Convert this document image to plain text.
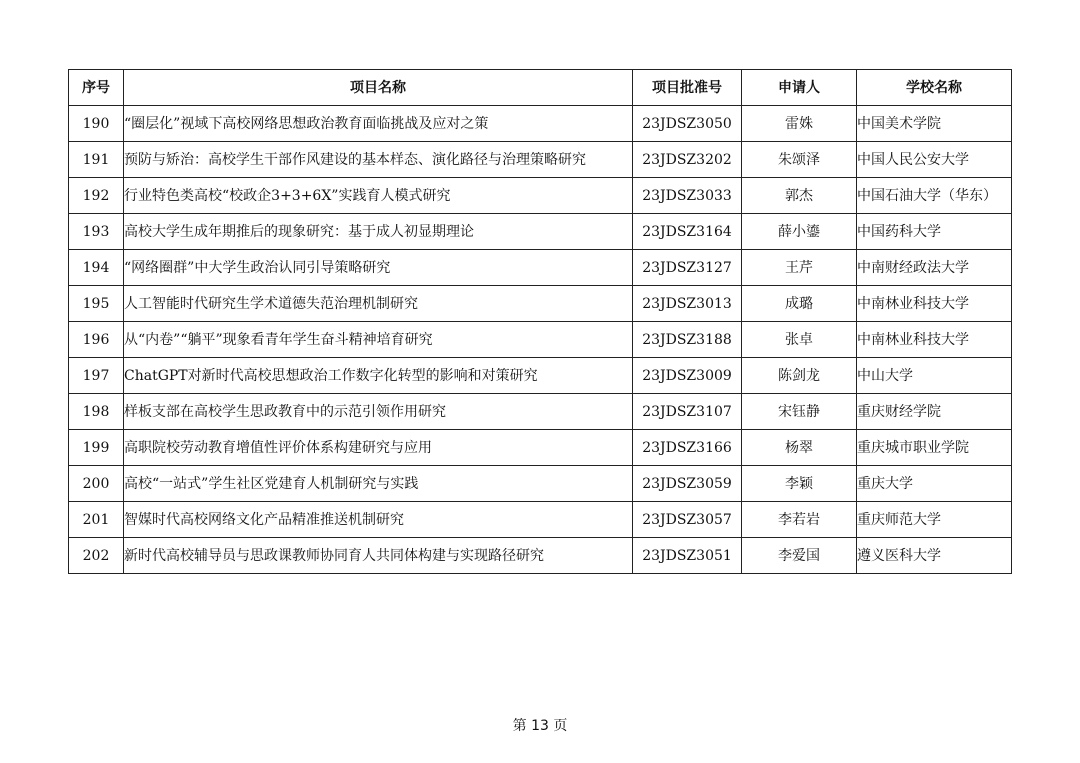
序号	项目名称	项目批准号	申请人	学校名称
190	“圈层化”视域下高校网络思想政治教育面临挑战及应对之策	23JDSZ3050	雷姝	中国美术学院
191	预防与矫治：高校学生干部作风建设的基本样态、演化路径与治理策略研究	23JDSZ3202	朱颂泽	中国人民公安大学
192	行业特色类高校“校政企3+3+6X”实践育人模式研究	23JDSZ3033	郭杰	中国石油大学（华东）
193	高校大学生成年期推后的现象研究：基于成人初显期理论	23JDSZ3164	薛小鎏	中国药科大学
194	“网络圈群”中大学生政治认同引导策略研究	23JDSZ3127	王芹	中南财经政法大学
195	人工智能时代研究生学术道德失范治理机制研究	23JDSZ3013	成璐	中南林业科技大学
196	从“内卷”“躺平”现象看青年学生奋斗精神培育研究	23JDSZ3188	张卓	中南林业科技大学
197	ChatGPT对新时代高校思想政治工作数字化转型的影响和对策研究	23JDSZ3009	陈剑龙	中山大学
198	样板支部在高校学生思政教育中的示范引领作用研究	23JDSZ3107	宋钰静	重庆财经学院
199	高职院校劳动教育增值性评价体系构建研究与应用	23JDSZ3166	杨翠	重庆城市职业学院
200	高校“一站式”学生社区党建育人机制研究与实践	23JDSZ3059	李颖	重庆大学
201	智媒时代高校网络文化产品精准推送机制研究	23JDSZ3057	李若岩	重庆师范大学
202	新时代高校辅导员与思政课教师协同育人共同体构建与实现路径研究	23JDSZ3051	李爱国	遵义医科大学
第 13 页
